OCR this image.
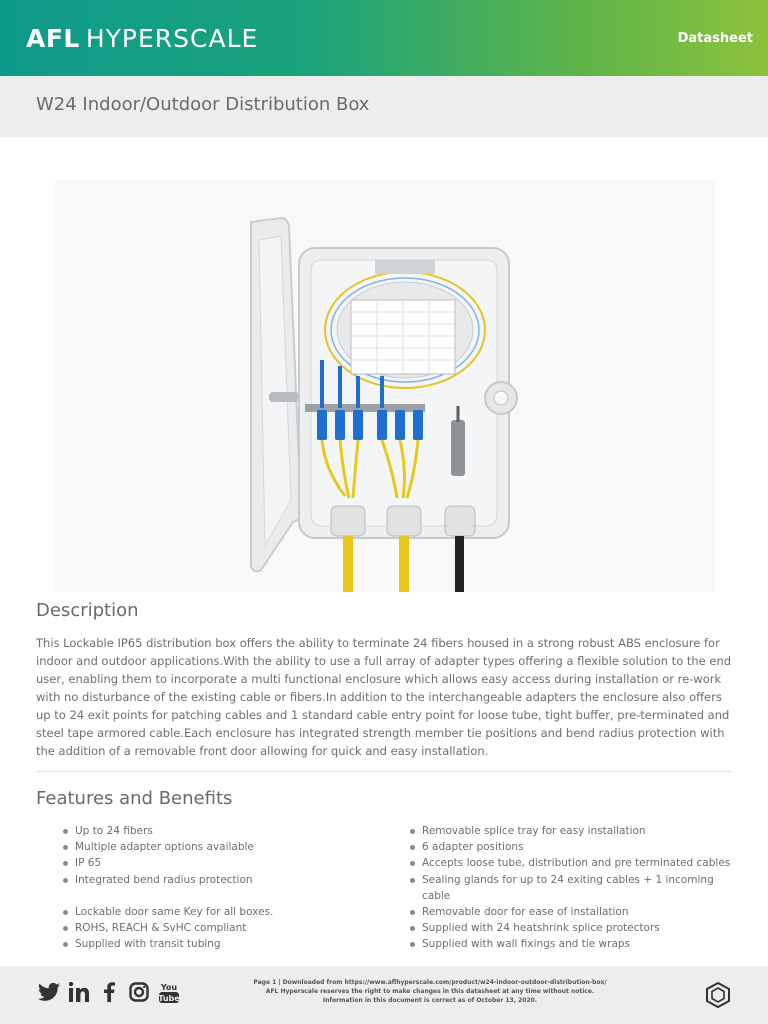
AFL HYPERSCALE	Datasheet
W24 Indoor/Outdoor Distribution Box
Description

This Lockable IP65 distribution box offers the ability to terminate 24 fibers housed in a strong robust ABS enclosure for indoor and outdoor applications.With the ability to use a full array of adapter types offering a flexible solution to the end user, enabling them to incorporate a multi functional enclosure which allows easy access during installation or re-work with no disturbance of the existing cable or fibers.In addition to the interchangeable adapters the enclosure also offers up to 24 exit points for patching cables and 1 standard cable entry point for loose tube, tight buffer, pre-terminated and steel tape armored cable.Each enclosure has integrated strength member tie positions and bend radius protection with the addition of a removable front door allowing for quick and easy installation.

Features and Benefits
Up to 24 fibers
Multiple adapter options available
IP 65
Integrated bend radius protection
Lockable door same Key for all boxes.
ROHS, REACH & SvHC compliant
Supplied with transit tubing
Removable splice tray for easy installation
6 adapter positions
Accepts loose tube, distribution and pre terminated cables
Sealing glands for up to 24 exiting cables + 1 incoming cable
Removable door for ease of installation
Supplied with 24 heatshrink splice protectors
Supplied with wall fixings and tie wraps
You
Tube
Page 1 | Downloaded from https://www.aflhyperscale.com/product/w24-indoor-outdoor-distribution-box/
AFL Hyperscale reserves the right to make changes in this datasheet at any time without notice.
Information in this document is correct as of October 13, 2020.
